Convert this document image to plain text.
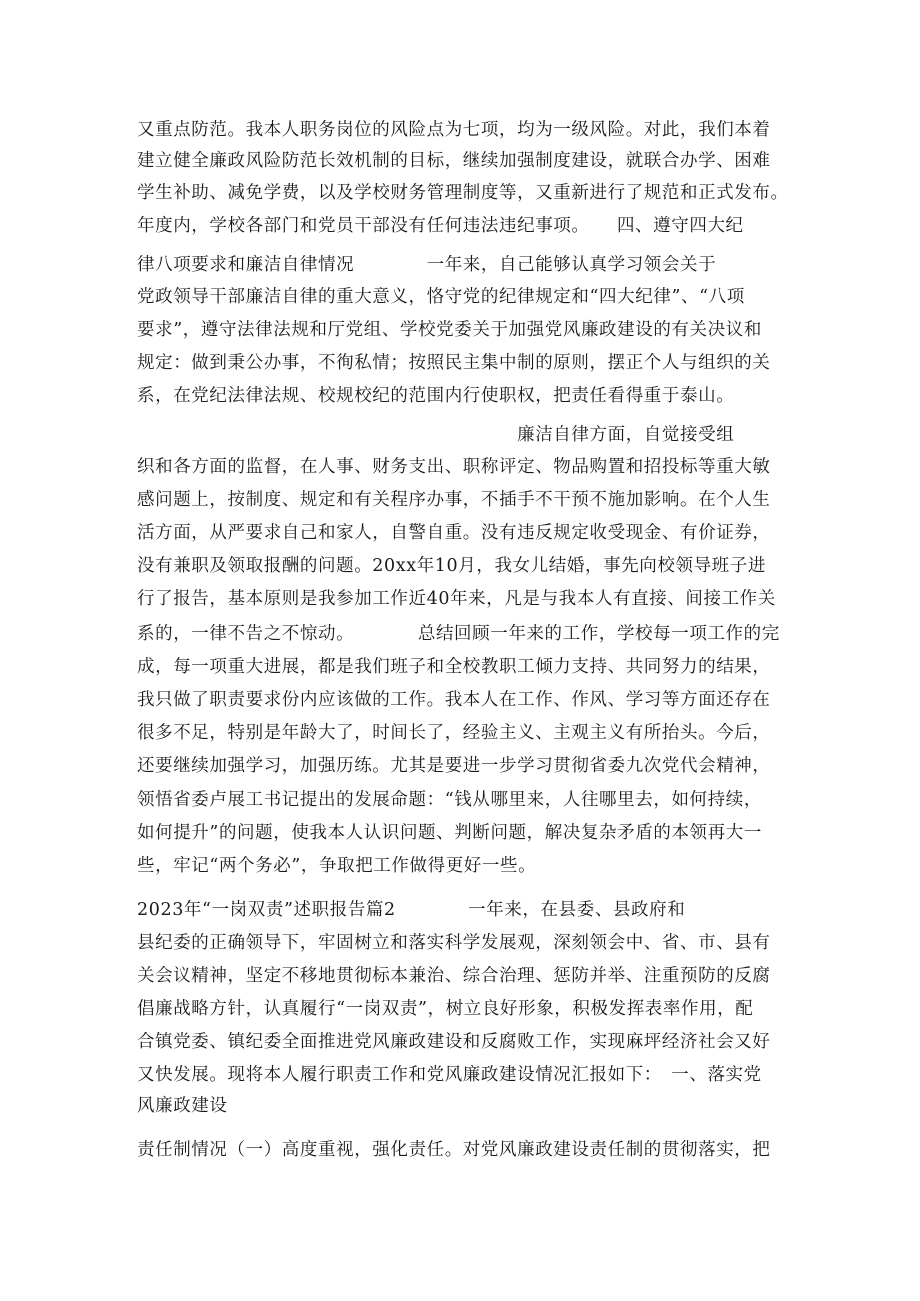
又重点防范。我本人职务岗位的风险点为七项，均为一级风险。对此，我们本着
建立健全廉政风险防范长效机制的目标，继续加强制度建设，就联合办学、困难
学生补助、减免学费，以及学校财务管理制度等，又重新进行了规范和正式发布。
年度内，学校各部门和党员干部没有任何违法违纪事项。　　四、遵守四大纪
律八项要求和廉洁自律情况　　　　一年来，自己能够认真学习领会关于
党政领导干部廉洁自律的重大意义，恪守党的纪律规定和“四大纪律”、“八项
要求”，遵守法律法规和厅党组、学校党委关于加强党风廉政建设的有关决议和
规定：做到秉公办事，不徇私情；按照民主集中制的原则，摆正个人与组织的关
系，在党纪法律法规、校规校纪的范围内行使职权，把责任看得重于泰山。
　　　　　　　　　　　　　　　　　　　　　廉洁自律方面，自觉接受组
织和各方面的监督，在人事、财务支出、职称评定、物品购置和招投标等重大敏
感问题上，按制度、规定和有关程序办事，不插手不干预不施加影响。在个人生
活方面，从严要求自己和家人，自警自重。没有违反规定收受现金、有价证券，
没有兼职及领取报酬的问题。20xx年10月，我女儿结婚，事先向校领导班子进
行了报告，基本原则是我参加工作近40年来，凡是与我本人有直接、间接工作关
系的，一律不告之不惊动。　　　　总结回顾一年来的工作，学校每一项工作的完
成，每一项重大进展，都是我们班子和全校教职工倾力支持、共同努力的结果，
我只做了职责要求份内应该做的工作。我本人在工作、作风、学习等方面还存在
很多不足，特别是年龄大了，时间长了，经验主义、主观主义有所抬头。今后，
还要继续加强学习，加强历练。尤其是要进一步学习贯彻省委九次党代会精神，
领悟省委卢展工书记提出的发展命题：“钱从哪里来，人往哪里去，如何持续，
如何提升”的问题，使我本人认识问题、判断问题，解决复杂矛盾的本领再大一
些，牢记“两个务必”，争取把工作做得更好一些。
2023年“一岗双责”述职报告篇2　　　　一年来，在县委、县政府和
县纪委的正确领导下，牢固树立和落实科学发展观，深刻领会中、省、市、县有
关会议精神，坚定不移地贯彻标本兼治、综合治理、惩防并举、注重预防的反腐
倡廉战略方针，认真履行“一岗双责”，树立良好形象，积极发挥表率作用，配
合镇党委、镇纪委全面推进党风廉政建设和反腐败工作，实现麻坪经济社会又好
又快发展。现将本人履行职责工作和党风廉政建设情况汇报如下：　一、落实党
风廉政建设
责任制情况（一）高度重视，强化责任。对党风廉政建设责任制的贯彻落实，把
